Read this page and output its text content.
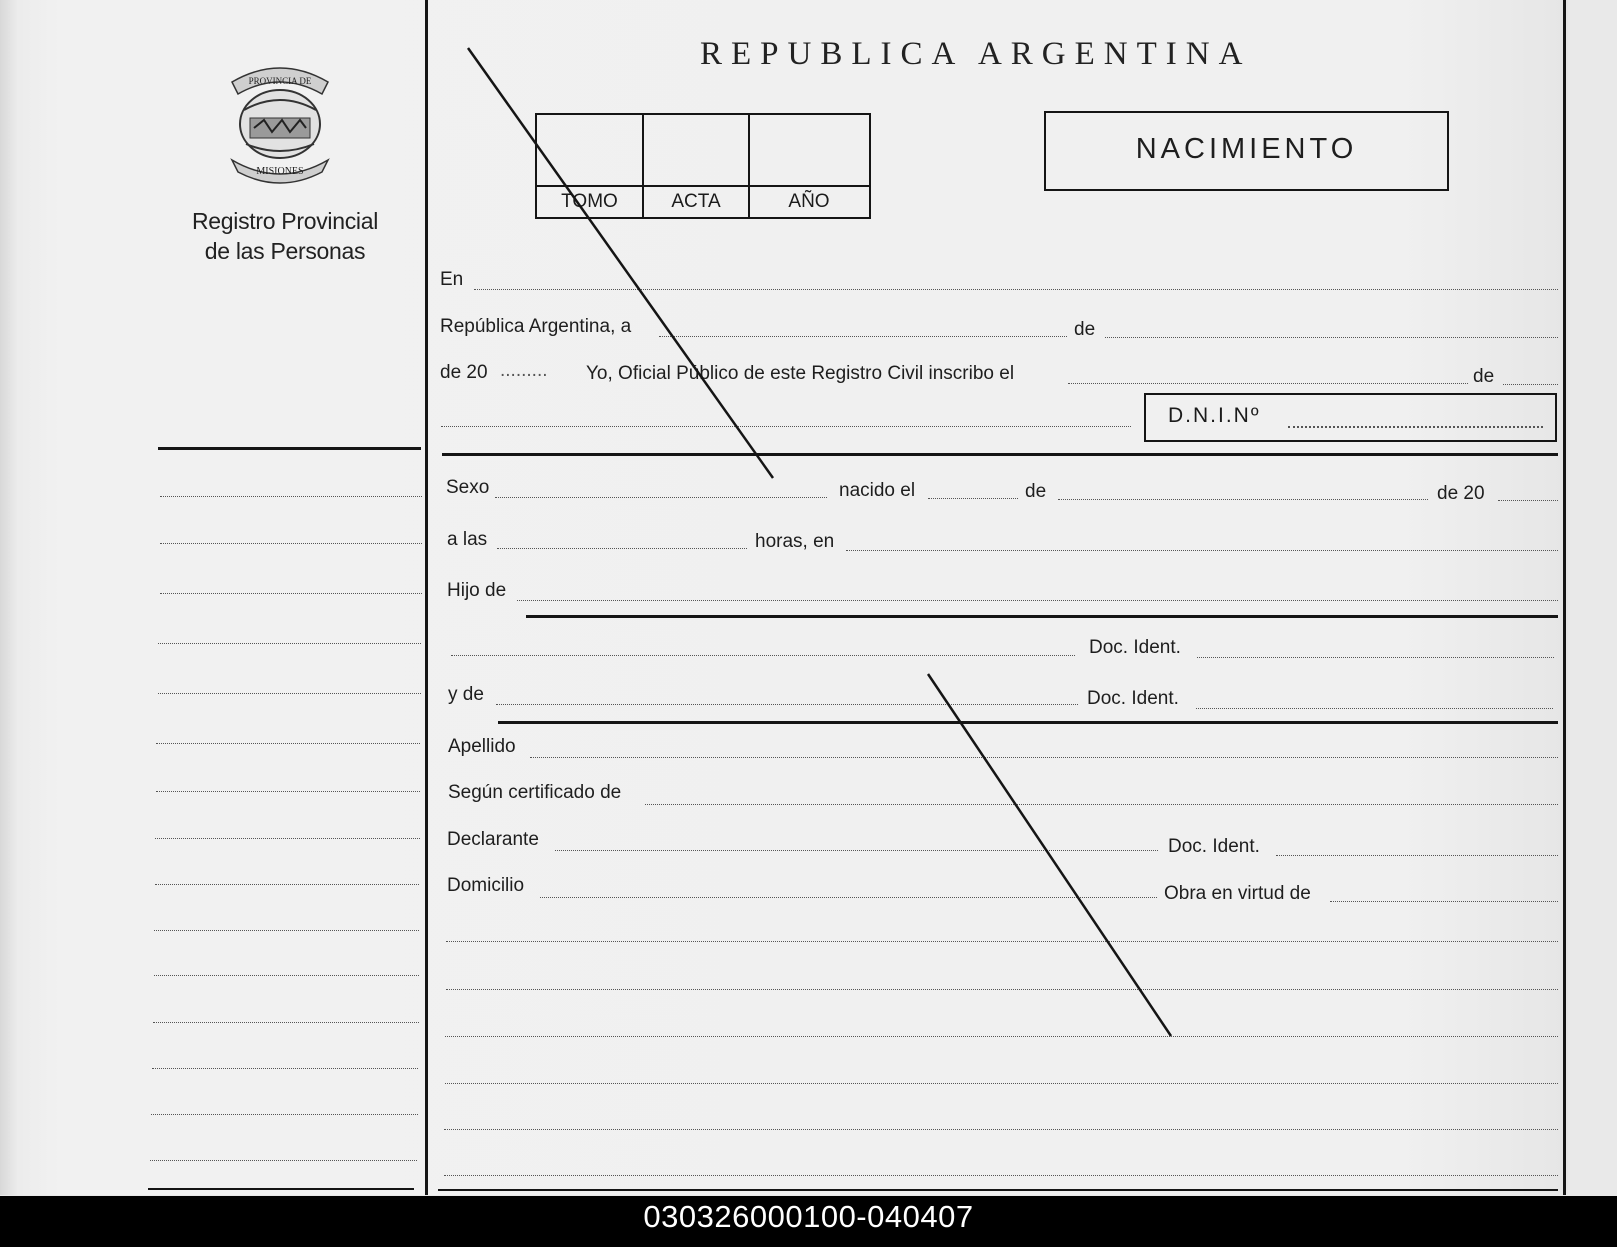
PROVINCIA DE
MISIONES
Registro Provincial
de las Personas
REPUBLICA ARGENTINA
TOMO	ACTA	AÑO
NACIMIENTO
En
República Argentina, a	de
de 20 ......... Yo, Oficial Público de este Registro Civil inscribo el	de
D.N.I.Nº
Sexo	nacido el	de	de 20
a las	horas, en
Hijo de
Doc. Ident.
y de	Doc. Ident.
Apellido
Según certificado de
Declarante	Doc. Ident.
Domicilio	Obra en virtud de
030326000100-040407
